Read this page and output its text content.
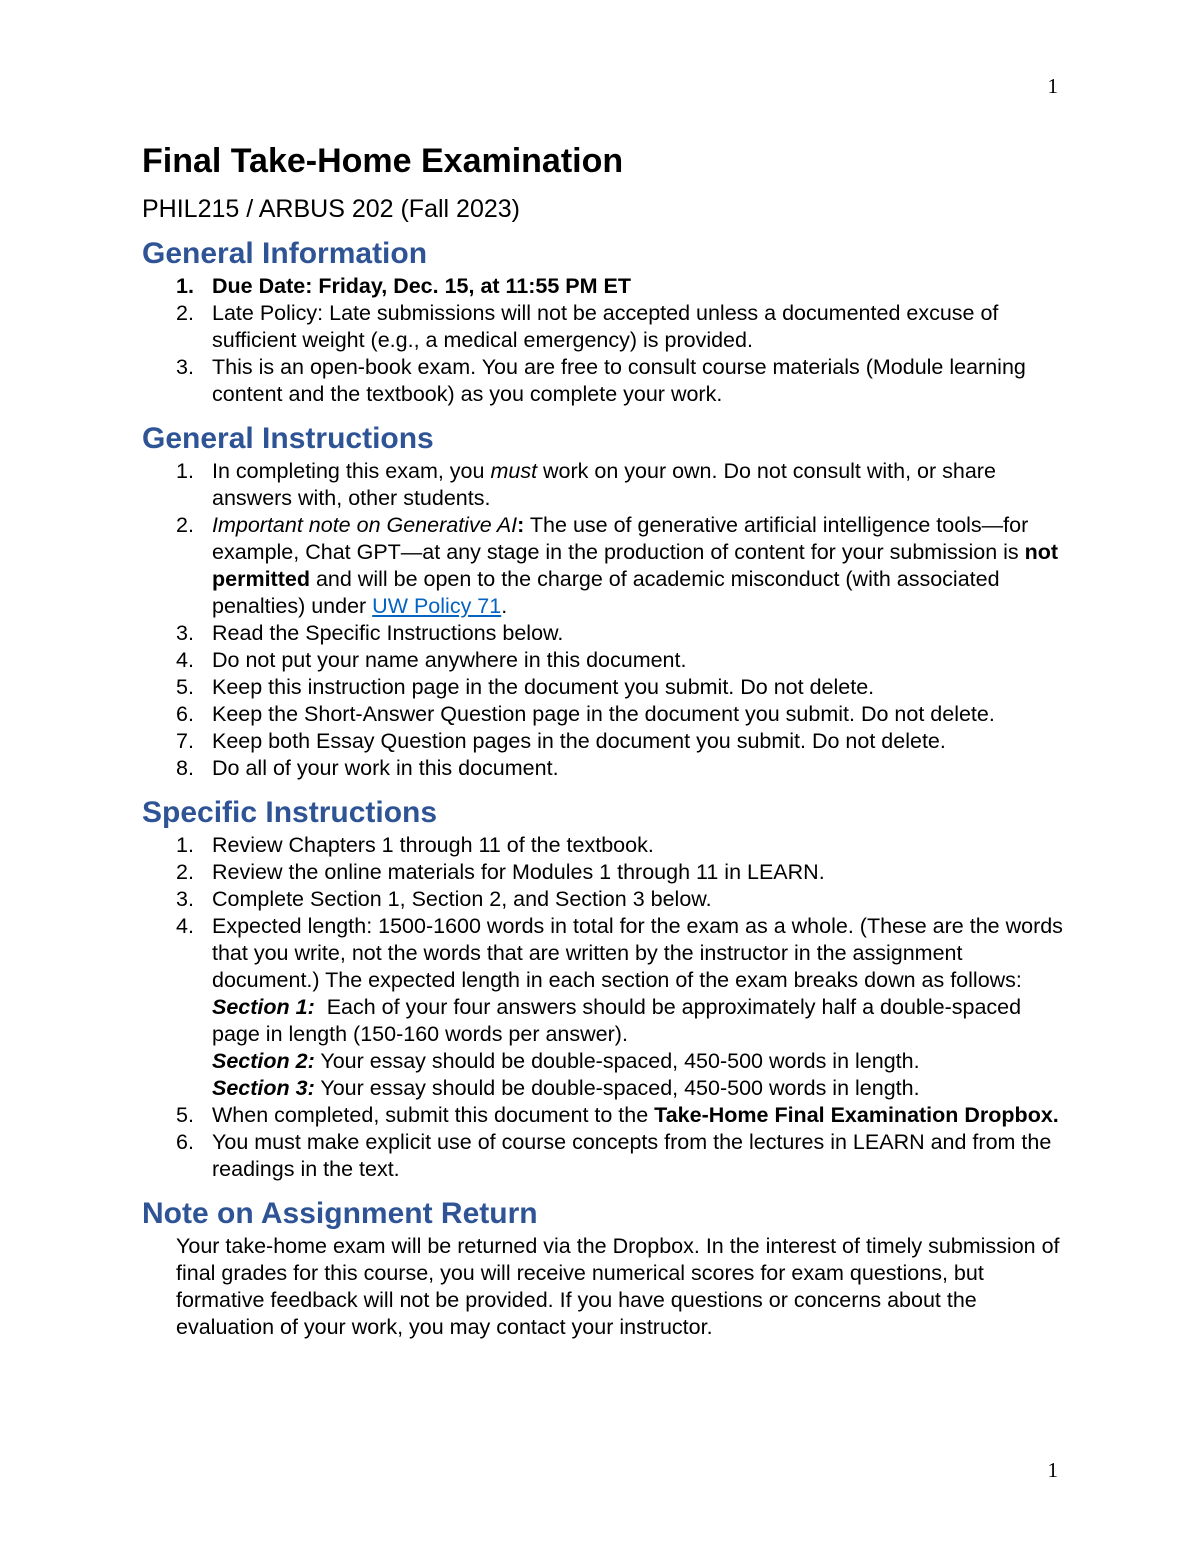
1
Final Take-Home Examination
PHIL215 / ARBUS 202 (Fall 2023)
General Information
1. Due Date: Friday, Dec. 15, at 11:55 PM ET
2. Late Policy: Late submissions will not be accepted unless a documented excuse of sufficient weight (e.g., a medical emergency) is provided.
3. This is an open-book exam. You are free to consult course materials (Module learning content and the textbook) as you complete your work.
General Instructions
1. In completing this exam, you must work on your own. Do not consult with, or share answers with, other students.
2. Important note on Generative AI: The use of generative artificial intelligence tools—for example, Chat GPT—at any stage in the production of content for your submission is not permitted and will be open to the charge of academic misconduct (with associated penalties) under UW Policy 71.
3. Read the Specific Instructions below.
4. Do not put your name anywhere in this document.
5. Keep this instruction page in the document you submit. Do not delete.
6. Keep the Short-Answer Question page in the document you submit. Do not delete.
7. Keep both Essay Question pages in the document you submit. Do not delete.
8. Do all of your work in this document.
Specific Instructions
1. Review Chapters 1 through 11 of the textbook.
2. Review the online materials for Modules 1 through 11 in LEARN.
3. Complete Section 1, Section 2, and Section 3 below.
4. Expected length: 1500-1600 words in total for the exam as a whole. (These are the words that you write, not the words that are written by the instructor in the assignment document.) The expected length in each section of the exam breaks down as follows:
Section 1:  Each of your four answers should be approximately half a double-spaced page in length (150-160 words per answer).
Section 2: Your essay should be double-spaced, 450-500 words in length.
Section 3: Your essay should be double-spaced, 450-500 words in length.
5. When completed, submit this document to the Take-Home Final Examination Dropbox.
6. You must make explicit use of course concepts from the lectures in LEARN and from the readings in the text.
Note on Assignment Return

Your take-home exam will be returned via the Dropbox. In the interest of timely submission of final grades for this course, you will receive numerical scores for exam questions, but formative feedback will not be provided. If you have questions or concerns about the evaluation of your work, you may contact your instructor.

1
